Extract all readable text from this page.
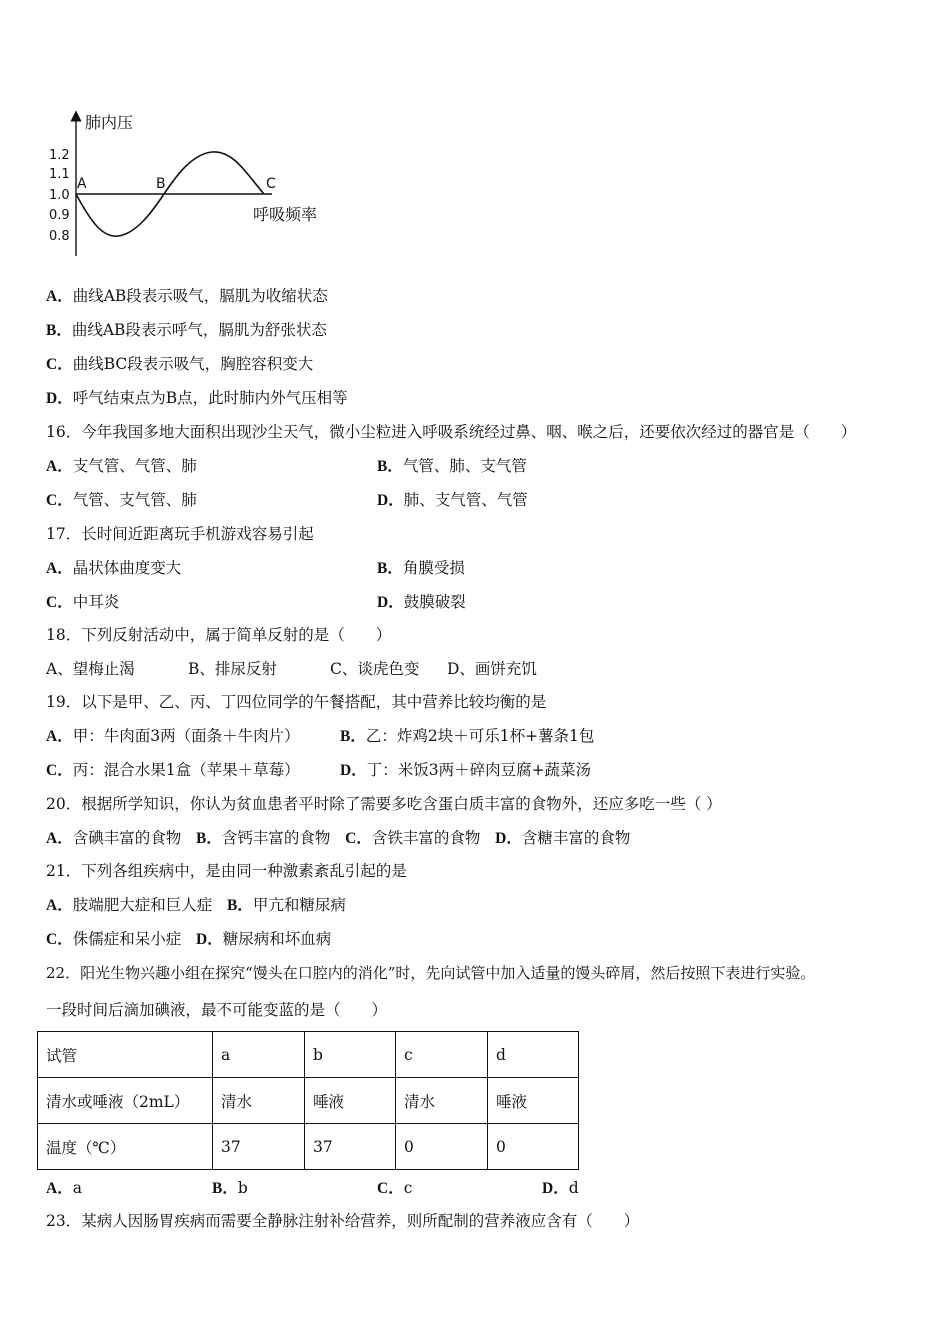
肺内压
1.2
1.1
1.0
0.9
0.8
A	B	C
呼吸频率
A．曲线AB段表示吸气，膈肌为收缩状态
B．曲线AB段表示呼气，膈肌为舒张状态
C．曲线BC段表示吸气，胸腔容积变大
D．呼气结束点为B点，此时肺内外气压相等
16．今年我国多地大面积出现沙尘天气，微小尘粒进入呼吸系统经过鼻、咽、喉之后，还要依次经过的器官是（　　）
A．支气管、气管、肺	B．气管、肺、支气管
C．气管、支气管、肺	D．肺、支气管、气管
17．长时间近距离玩手机游戏容易引起
A．晶状体曲度变大	B．角膜受损
C．中耳炎	D．鼓膜破裂
18．下列反射活动中，属于简单反射的是（　　）
A、望梅止渴	B、排尿反射	C、谈虎色变 D、画饼充饥
19．以下是甲、乙、丙、丁四位同学的午餐搭配，其中营养比较均衡的是
A．甲：牛肉面3两（面条＋牛肉片）	B．乙：炸鸡2块＋可乐1杯+薯条1包
C．丙：混合水果1盒（苹果＋草莓）	D．丁：米饭3两＋碎肉豆腐+蔬菜汤
20．根据所学知识，你认为贫血患者平时除了需要多吃含蛋白质丰富的食物外，还应多吃一些（ ）
A．含碘丰富的食物 B．含钙丰富的食物 C．含铁丰富的食物 D．含糖丰富的食物
21．下列各组疾病中，是由同一种激素紊乱引起的是
A．肢端肥大症和巨人症 B．甲亢和糖尿病
C．侏儒症和呆小症 D．糖尿病和坏血病
22．阳光生物兴趣小组在探究“馒头在口腔内的消化”时，先向试管中加入适量的馒头碎屑，然后按照下表进行实验。
一段时间后滴加碘液，最不可能变蓝的是（　　）
试管	a	b	c	d
清水或唾液（2mL）	清水	唾液	清水	唾液
温度（℃）	37	37	0	0
A．a	B．b	C．c	D．d
23．某病人因肠胃疾病而需要全静脉注射补给营养，则所配制的营养液应含有（　　）
